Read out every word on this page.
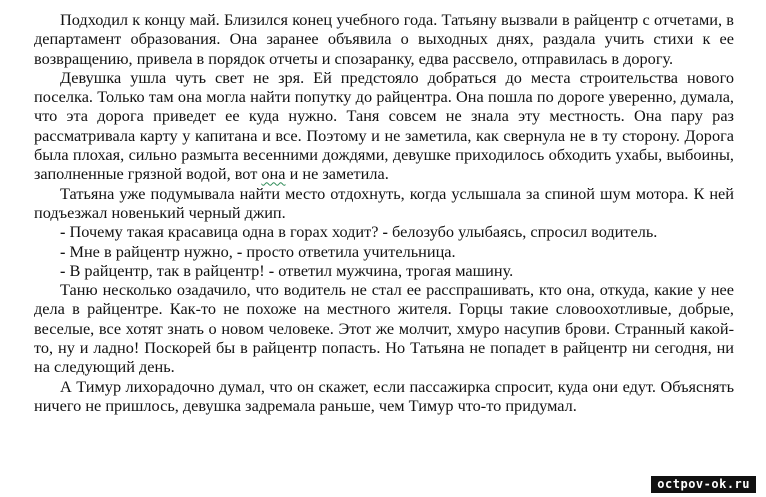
Подходил к концу май. Близился конец учебного года. Татьяну вызвали в райцентр с отчетами, в департамент образования. Она заранее объявила о выходных днях, раздала учить стихи к ее возвращению, привела в порядок отчеты и спозаранку, едва рассвело, отправилась в дорогу.

Девушка ушла чуть свет не зря. Ей предстояло добраться до места строительства нового поселка. Только там она могла найти попутку до райцентра. Она пошла по дороге уверенно, думала, что эта дорога приведет ее куда нужно. Таня совсем не знала эту местность. Она пару раз рассматривала карту у капитана и все. Поэтому и не заметила, как свернула не в ту сторону. Дорога была плохая, сильно размыта весенними дождями, девушке приходилось обходить ухабы, выбоины, заполненные грязной водой, вот она и не заметила.

Татьяна уже подумывала найти место отдохнуть, когда услышала за спиной шум мотора. К ней подъезжал новенький черный джип.

- Почему такая красавица одна в горах ходит? - белозубо улыбаясь, спросил водитель.

- Мне в райцентр нужно, - просто ответила учительница.

- В райцентр, так в райцентр! - ответил мужчина, трогая машину.

Таню несколько озадачило, что водитель не стал ее расспрашивать, кто она, откуда, какие у нее дела в райцентре. Как-то не похоже на местного жителя. Горцы такие словоохотливые, добрые, веселые, все хотят знать о новом человеке. Этот же молчит, хмуро насупив брови. Странный какой-то, ну и ладно! Поскорей бы в райцентр попасть. Но Татьяна не попадет в райцентр ни сегодня, ни на следующий день.

А Тимур лихорадочно думал, что он скажет, если пассажирка спросит, куда они едут. Объяснять ничего не пришлось, девушка задремала раньше, чем Тимур что-то придумал.

octpov-ok.ru
